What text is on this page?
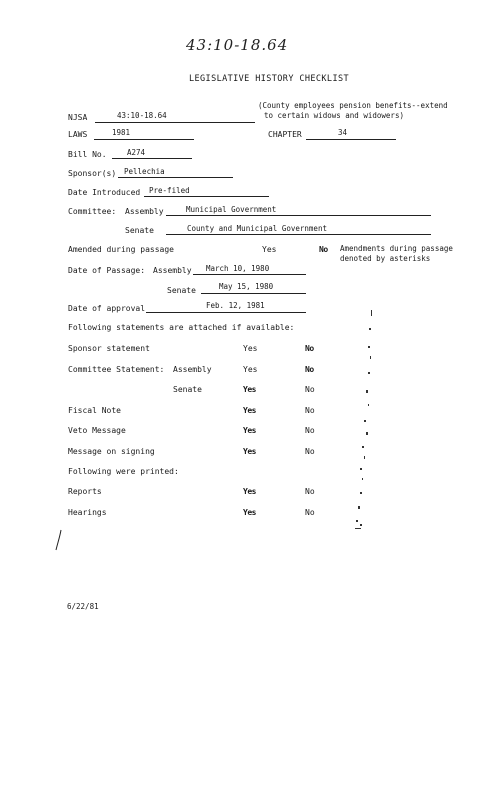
43:10-18.64
LEGISLATIVE HISTORY CHECKLIST
NJSA	43:10-18.64
(County employees pension benefits--extend
to certain widows and widowers)
LAWS	1981	CHAPTER	34
Bill No.	A274
Sponsor(s) Pellechia
Date Introduced Pre-filed
Committee: Assembly	Municipal Government
Senate	County and Municipal Government
Amended during passage	Yes	No Amendments during passage
denoted by asterisks
Date of Passage: Assembly March 10, 1980
Senate	May 15, 1980
Date of approval	Feb. 12, 1981
Following statements are attached if available:
Sponsor statement	Yes	No
Committee Statement: Assembly	Yes	No
Senate	Yes	No
Fiscal Note	Yes	No
Veto Message	Yes	No
Message on signing	Yes	No
Following were printed:
Reports	Yes	No
Hearings	Yes	No
6/22/81
